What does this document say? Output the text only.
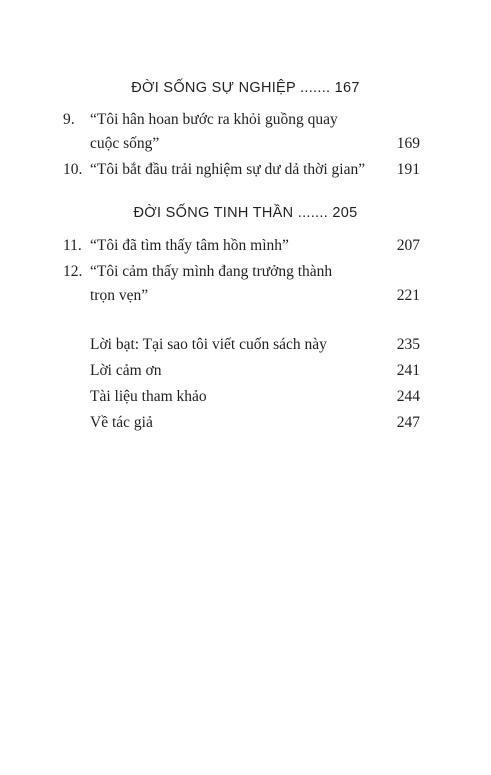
ĐỜI SỐNG SỰ NGHIỆP ....... 167
9. “Tôi hân hoan bước ra khỏi guồng quay
cuộc sống”	169
10. “Tôi bắt đầu trải nghiệm sự dư dả thời gian” 191
ĐỜI SỐNG TINH THẦN ....... 205
11. “Tôi đã tìm thấy tâm hồn mình”	207
12. “Tôi cảm thấy mình đang trưởng thành
trọn vẹn”	221
Lời bạt: Tại sao tôi viết cuốn sách này	235
Lời cảm ơn	241
Tài liệu tham khảo	244
Về tác giả	247
